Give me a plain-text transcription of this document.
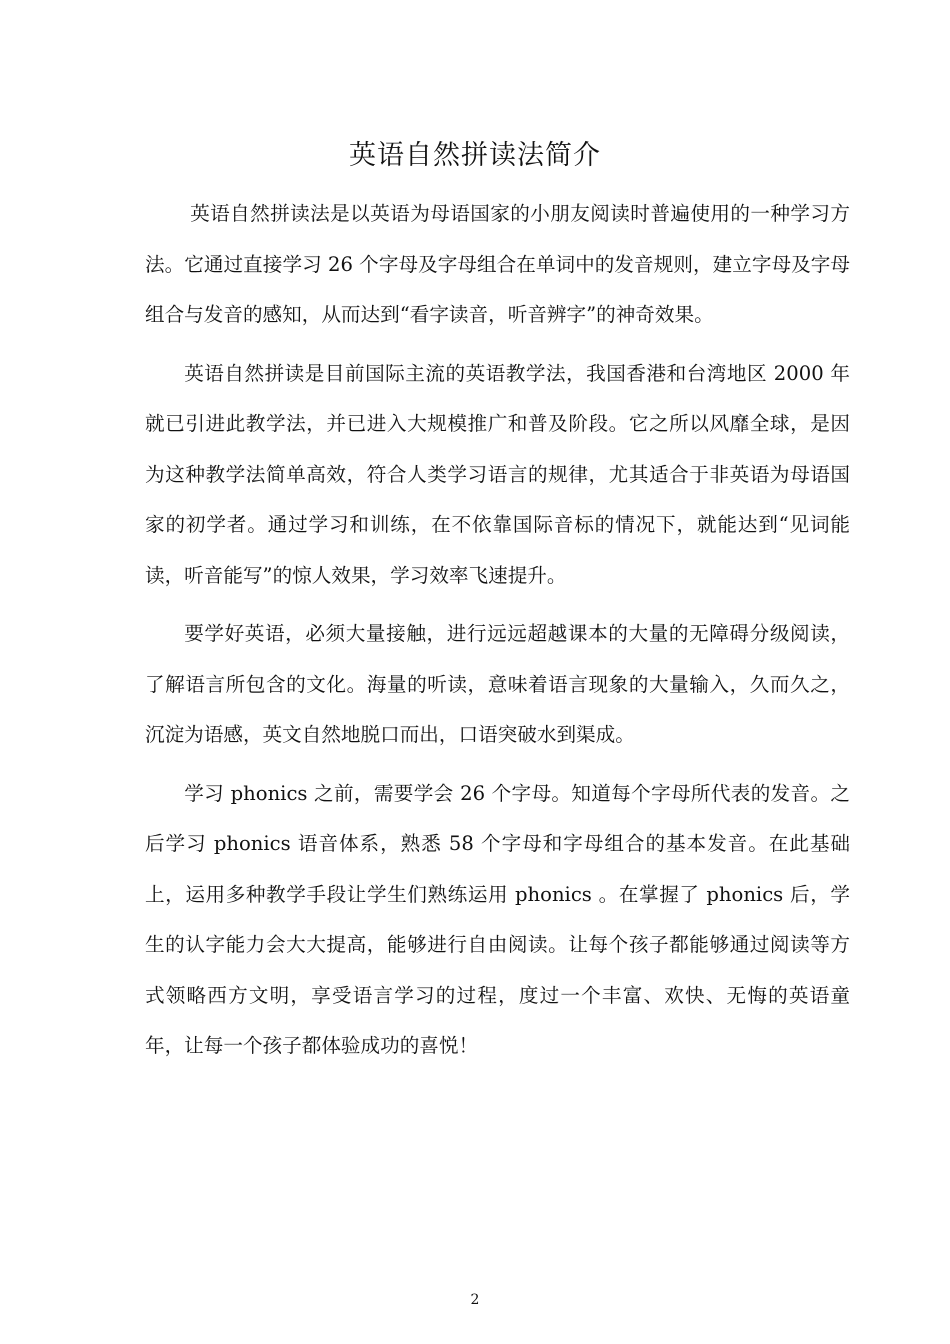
英语自然拼读法简介

英语自然拼读法是以英语为母语国家的小朋友阅读时普遍使用的一种学习方法。它通过直接学习 26 个字母及字母组合在单词中的发音规则，建立字母及字母组合与发音的感知，从而达到“看字读音，听音辨字”的神奇效果。

英语自然拼读是目前国际主流的英语教学法，我国香港和台湾地区 2000 年就已引进此教学法，并已进入大规模推广和普及阶段。它之所以风靡全球，是因为这种教学法简单高效，符合人类学习语言的规律，尤其适合于非英语为母语国家的初学者。通过学习和训练，在不依靠国际音标的情况下，就能达到“见词能读，听音能写”的惊人效果，学习效率飞速提升。

要学好英语，必须大量接触，进行远远超越课本的大量的无障碍分级阅读，了解语言所包含的文化。海量的听读，意味着语言现象的大量输入，久而久之，沉淀为语感，英文自然地脱口而出，口语突破水到渠成。

学习 phonics 之前，需要学会 26 个字母。知道每个字母所代表的发音。之后学习 phonics 语音体系，熟悉 58 个字母和字母组合的基本发音。在此基础上，运用多种教学手段让学生们熟练运用 phonics 。在掌握了 phonics 后，学生的认字能力会大大提高，能够进行自由阅读。让每个孩子都能够通过阅读等方式领略西方文明，享受语言学习的过程，度过一个丰富、欢快、无悔的英语童年，让每一个孩子都体验成功的喜悦！

2
